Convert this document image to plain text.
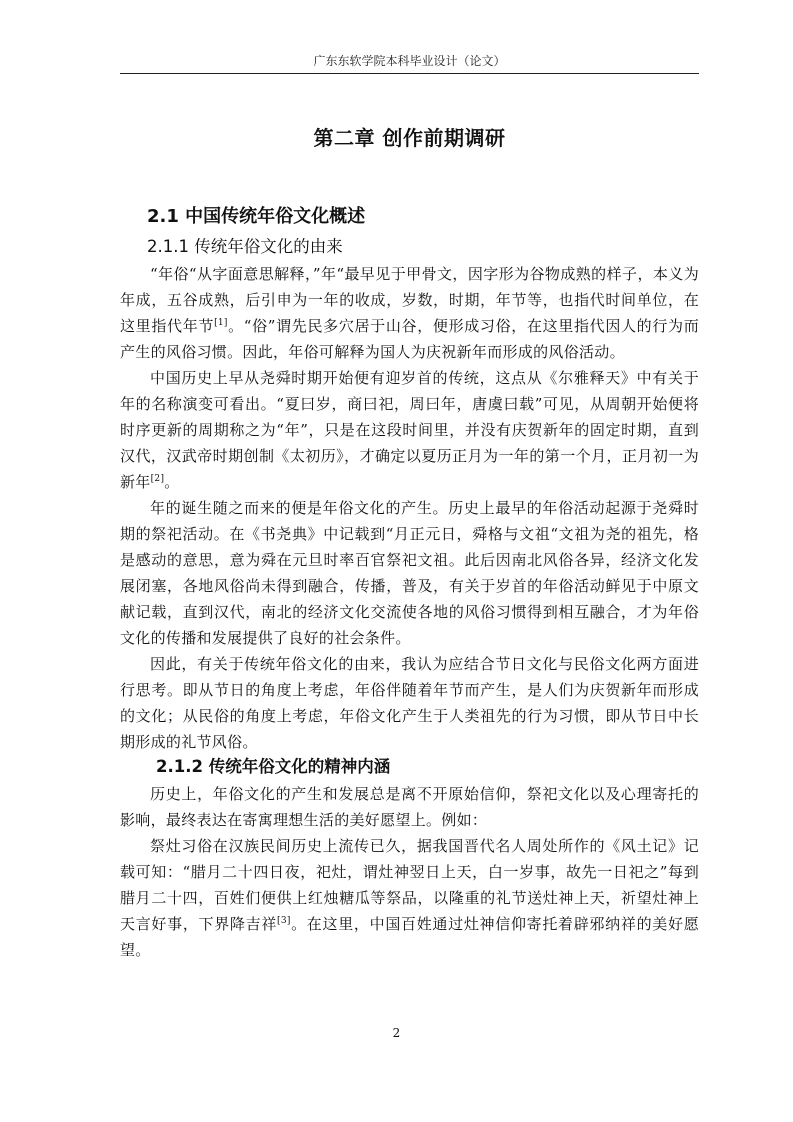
广东东软学院本科毕业设计（论文）
第二章 创作前期调研
2.1 中国传统年俗文化概述
2.1.1 传统年俗文化的由来

“年俗“从字面意思解释，”年“最早见于甲骨文，因字形为谷物成熟的样子，本义为年成，五谷成熟，后引申为一年的收成，岁数，时期，年节等，也指代时间单位，在这里指代年节[1]。“俗”谓先民多穴居于山谷，便形成习俗，在这里指代因人的行为而产生的风俗习惯。因此，年俗可解释为国人为庆祝新年而形成的风俗活动。

中国历史上早从尧舜时期开始便有迎岁首的传统，这点从《尔雅释天》中有关于年的名称演变可看出。“夏曰岁，商曰祀，周曰年，唐虞曰载”可见，从周朝开始便将时序更新的周期称之为“年”，只是在这段时间里，并没有庆贺新年的固定时期，直到汉代，汉武帝时期创制《太初历》，才确定以夏历正月为一年的第一个月，正月初一为新年[2]。

年的诞生随之而来的便是年俗文化的产生。历史上最早的年俗活动起源于尧舜时期的祭祀活动。在《书尧典》中记载到“月正元日，舜格与文祖“文祖为尧的祖先，格是感动的意思，意为舜在元旦时率百官祭祀文祖。此后因南北风俗各异，经济文化发展闭塞，各地风俗尚未得到融合，传播，普及，有关于岁首的年俗活动鲜见于中原文献记载，直到汉代，南北的经济文化交流使各地的风俗习惯得到相互融合，才为年俗文化的传播和发展提供了良好的社会条件。

因此，有关于传统年俗文化的由来，我认为应结合节日文化与民俗文化两方面进行思考。即从节日的角度上考虑，年俗伴随着年节而产生，是人们为庆贺新年而形成的文化；从民俗的角度上考虑，年俗文化产生于人类祖先的行为习惯，即从节日中长期形成的礼节风俗。

2.1.2 传统年俗文化的精神内涵

历史上，年俗文化的产生和发展总是离不开原始信仰，祭祀文化以及心理寄托的影响，最终表达在寄寓理想生活的美好愿望上。例如：

祭灶习俗在汉族民间历史上流传已久，据我国晋代名人周处所作的《风土记》记载可知：“腊月二十四日夜，祀灶，谓灶神翌日上天，白一岁事，故先一日祀之”每到腊月二十四，百姓们便供上红烛糖瓜等祭品，以隆重的礼节送灶神上天，祈望灶神上天言好事，下界降吉祥[3]。在这里，中国百姓通过灶神信仰寄托着辟邪纳祥的美好愿望。

2
